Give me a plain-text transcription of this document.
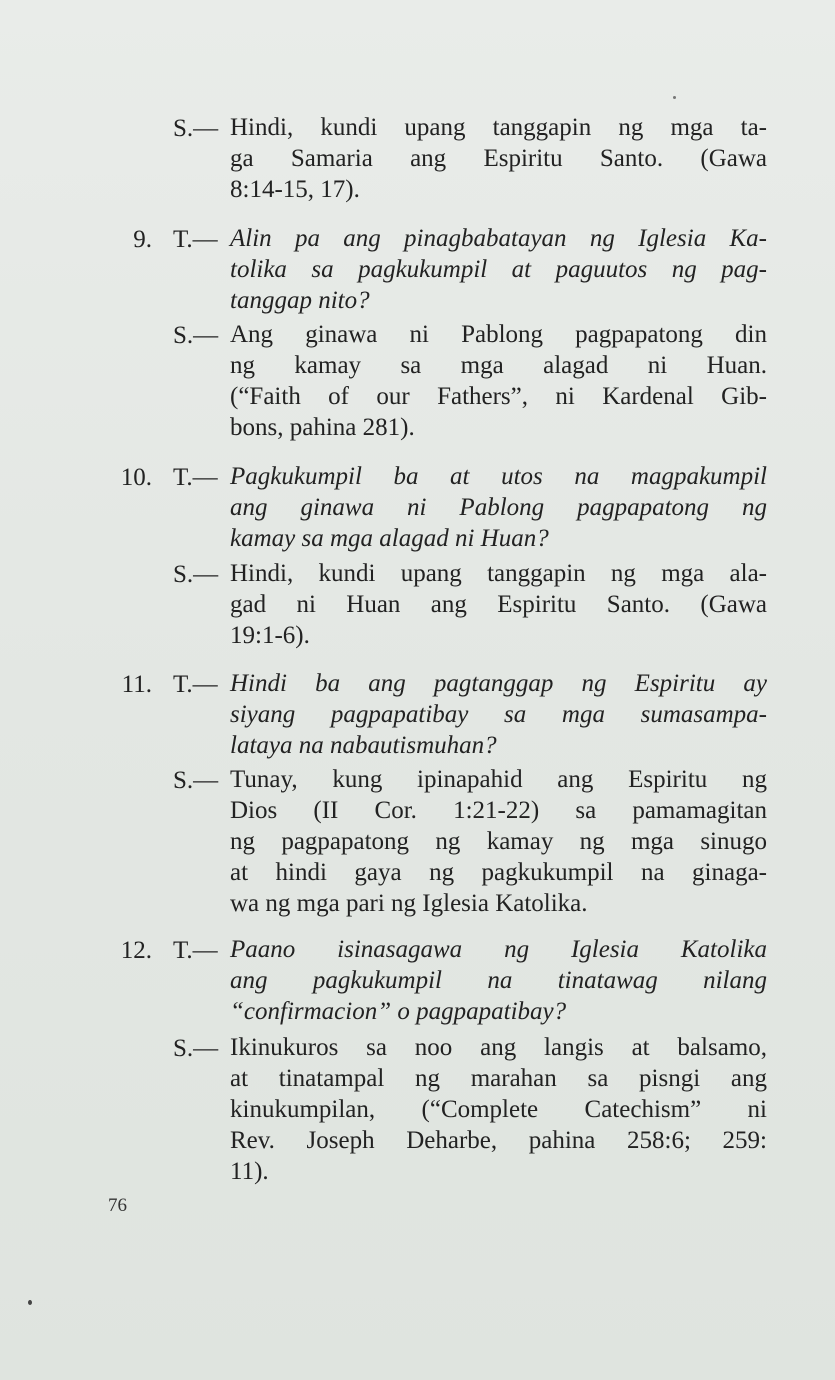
S.— Hindi, kundi upang tanggapin ng mga ta-
ga Samaria ang Espiritu Santo. (Gawa
8:14-15, 17).
9. T.— Alin pa ang pinagbabatayan ng Iglesia Ka-
tolika sa pagkukumpil at paguutos ng pag-
tanggap nito?
S.— Ang ginawa ni Pablong pagpapatong din
ng kamay sa mga alagad ni Huan.
(“Faith of our Fathers”, ni Kardenal Gib-
bons, pahina 281).
10. T.— Pagkukumpil ba at utos na magpakumpil
ang ginawa ni Pablong pagpapatong ng
kamay sa mga alagad ni Huan?
S.— Hindi, kundi upang tanggapin ng mga ala-
gad ni Huan ang Espiritu Santo. (Gawa
19:1-6).
11. T.— Hindi ba ang pagtanggap ng Espiritu ay
siyang pagpapatibay sa mga sumasampa-
lataya na nabautismuhan?
S.— Tunay, kung ipinapahid ang Espiritu ng
Dios (II Cor. 1:21-22) sa pamamagitan
ng pagpapatong ng kamay ng mga sinugo
at hindi gaya ng pagkukumpil na ginaga-
wa ng mga pari ng Iglesia Katolika.
12. T.— Paano isinasagawa ng Iglesia Katolika
ang pagkukumpil na tinatawag nilang
“confirmacion” o pagpapatibay?
S.— Ikinukuros sa noo ang langis at balsamo,
at tinatampal ng marahan sa pisngi ang
kinukumpilan, (“Complete Catechism” ni
Rev. Joseph Deharbe, pahina 258:6; 259:
11).
76
